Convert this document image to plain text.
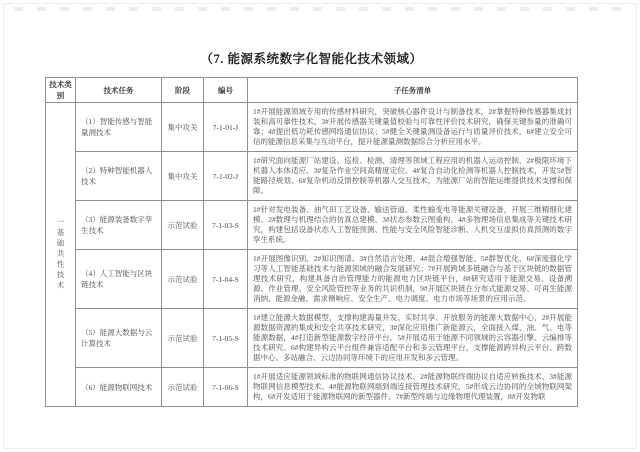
（7. 能源系统数字化智能化技术领域）
技术类别	技术任务	阶段	编号	子任务清单

一基础共性技术	（1）智能传感与智能量测技术	集中攻关	7-1-01-J	1#开展能源领域专用的传感材料研究，突破核心器件设计与制备技术，2#掌握特种传感器集成封装和高可靠性技术。3#开展传感器关键量值校验与可靠性评价技术研究，确保关键参量的准确可靠；4#提出低功耗传感网络通信协议；5#健全关键量测设备运行与质量评价技术，6#建立安全可信的能源信息采集与互动平台，提升能源量测数据综合分析应用水平。
	（2）特种智能机器人技术	集中攻关	7-1-02-J	1#研究面向能源厂站建设、巡检、检测、清理等领域工程应用的机器人运动控制、2#极限环境下机器人本体适应、3#复杂作业空间高精度定位、4#复合自动化检测等机器人控制技术，开发5#智能路径规划、6#复杂机动反馈控制等机器人交互技术，为能源厂站的智能运维提供技术支撑和保障。
	（3）能源装备数字孪生技术	示范试验	7-1-03-S	1#针对发电装备、油气田工艺设备、输送管道、柔性输变电等能源关键设备，开展三维精细化建模、2#数理与机理结合的仿真总建模、3#状态参数云图重构、4#多物理场信息集成等关键技术研究，构建包括设备状态人工智能预测、性能与安全风险智能诊断、人机交互虚拟仿真预测的数字孪生系统。
	（4）人工智能与区块链技术	示范试验	7-1-04-S	1#开展图像识别、2#知识图谱、3#自然语言处理、4#混合增强智能、5#群智优化、6#深度强化学习等人工智能基础技术与能源领域的融合发展研究；7#开展跨域多链融合与基于区块链的数据管理技术研究，构建具备自治管理能力的能源电力区块链平台，8#研究适用于能源交易、设备溯源、作业管理、安全风险管控等业务的共识机制，9#开展区块链在分布式能源交易、可再生能源消纳、能源金融、需求侧响应、安全生产、电力调度、电力市场等场景的应用示范。
	（5）能源大数据与云计算技术	示范试验	7-1-05-S	1#建立能源大数据模型，支撑构建海量并发、实时共享、开放服务的能源大数据中心，2#开展能源数据资源的集成和安全共享技术研究，3#深化应用推广新能源云，全面接入煤、油、气、电等能源数据，4#打造新型能源数字经济平台。5#开展适用于能源不同领域的云容器引擎、云编排等技术研究。6#构建异构云平台组件兼容适配平台和多云管理平台，支撑能源跨异构云平台、跨数据中心、多站融合、云边协同等环境下的应用开发和多云管理。
	（6）能源物联网技术	示范试验	7-1-06-S	1#开展适应能源领域标准的物联网通信协议技术、2#能源物联终端协议自适应转换技术、3#能源物联网信息模型技术、4#能源物联网端到端连接管理技术研究，5#形成云边协同的全域物联网架构，6#开发适用于能源物联网的新型器件、7#新型终端与边缘物理代理装置，8#开发物联
